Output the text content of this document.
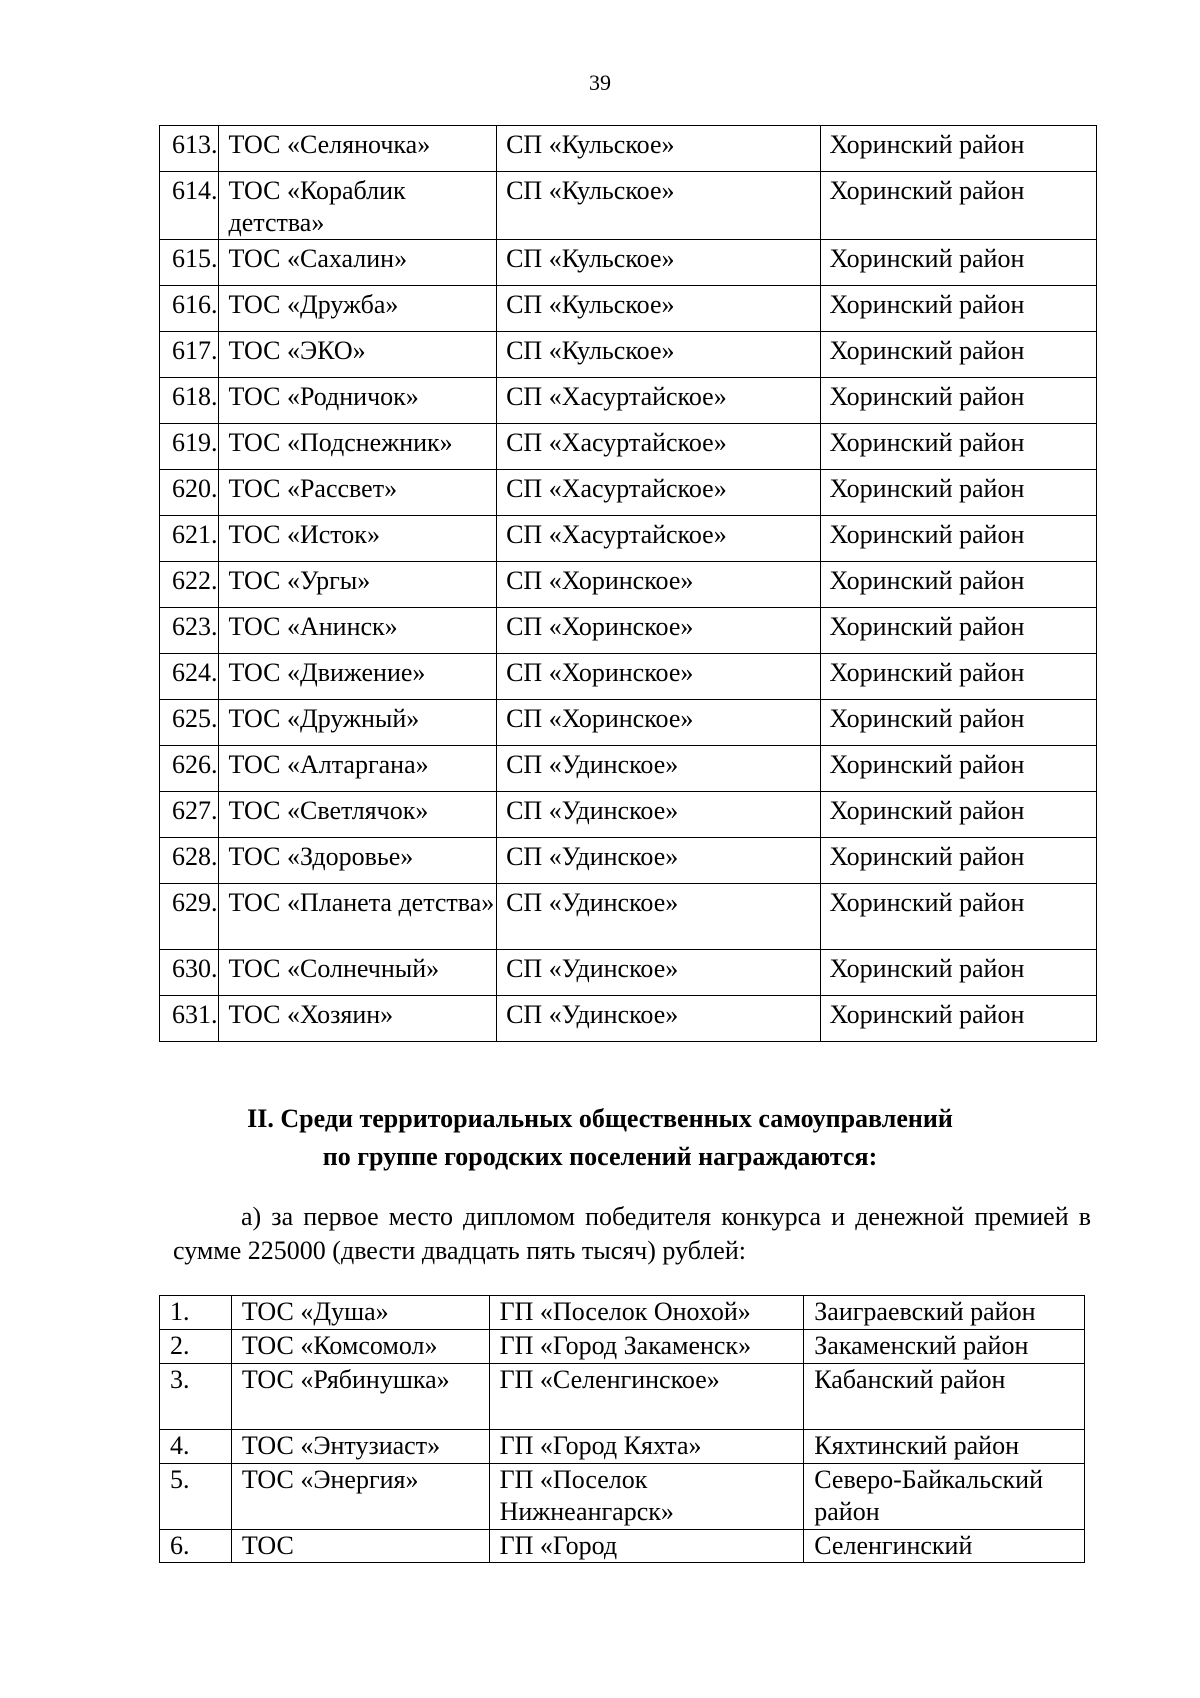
39
613.	ТОС «Селяночка»	СП «Кульское»	Хоринский район
614.	ТОС «Кораблик детства»	СП «Кульское»	Хоринский район
615.	ТОС «Сахалин»	СП «Кульское»	Хоринский район
616.	ТОС «Дружба»	СП «Кульское»	Хоринский район
617.	ТОС «ЭКО»	СП «Кульское»	Хоринский район
618.	ТОС «Родничок»	СП «Хасуртайское»	Хоринский район
619.	ТОС «Подснежник»	СП «Хасуртайское»	Хоринский район
620.	ТОС «Рассвет»	СП «Хасуртайское»	Хоринский район
621.	ТОС «Исток»	СП «Хасуртайское»	Хоринский район
622.	ТОС «Ургы»	СП «Хоринское»	Хоринский район
623.	ТОС «Анинск»	СП «Хоринское»	Хоринский район
624.	ТОС «Движение»	СП «Хоринское»	Хоринский район
625.	ТОС «Дружный»	СП «Хоринское»	Хоринский район
626.	ТОС «Алтаргана»	СП «Удинское»	Хоринский район
627.	ТОС «Светлячок»	СП «Удинское»	Хоринский район
628.	ТОС «Здоровье»	СП «Удинское»	Хоринский район
629.	ТОС «Планета детства»	СП «Удинское»	Хоринский район
630.	ТОС «Солнечный»	СП «Удинское»	Хоринский район
631.	ТОС «Хозяин»	СП «Удинское»	Хоринский район
II. Среди территориальных общественных самоуправлений
по группе городских поселений награждаются:
а) за первое место дипломом победителя конкурса и денежной премией в сумме 225000 (двести двадцать пять тысяч) рублей:
1.	ТОС «Душа»	ГП «Поселок Онохой»	Заиграевский район
2.	ТОС «Комсомол»	ГП «Город Закаменск»	Закаменский район
3.	ТОС «Рябинушка»	ГП «Селенгинское»	Кабанский район
4.	ТОС «Энтузиаст»	ГП «Город Кяхта»	Кяхтинский район
5.	ТОС «Энергия»	ГП «Поселок Нижнеангарск»	Северо-Байкальский район
6.	ТОС	ГП «Город	Селенгинский
